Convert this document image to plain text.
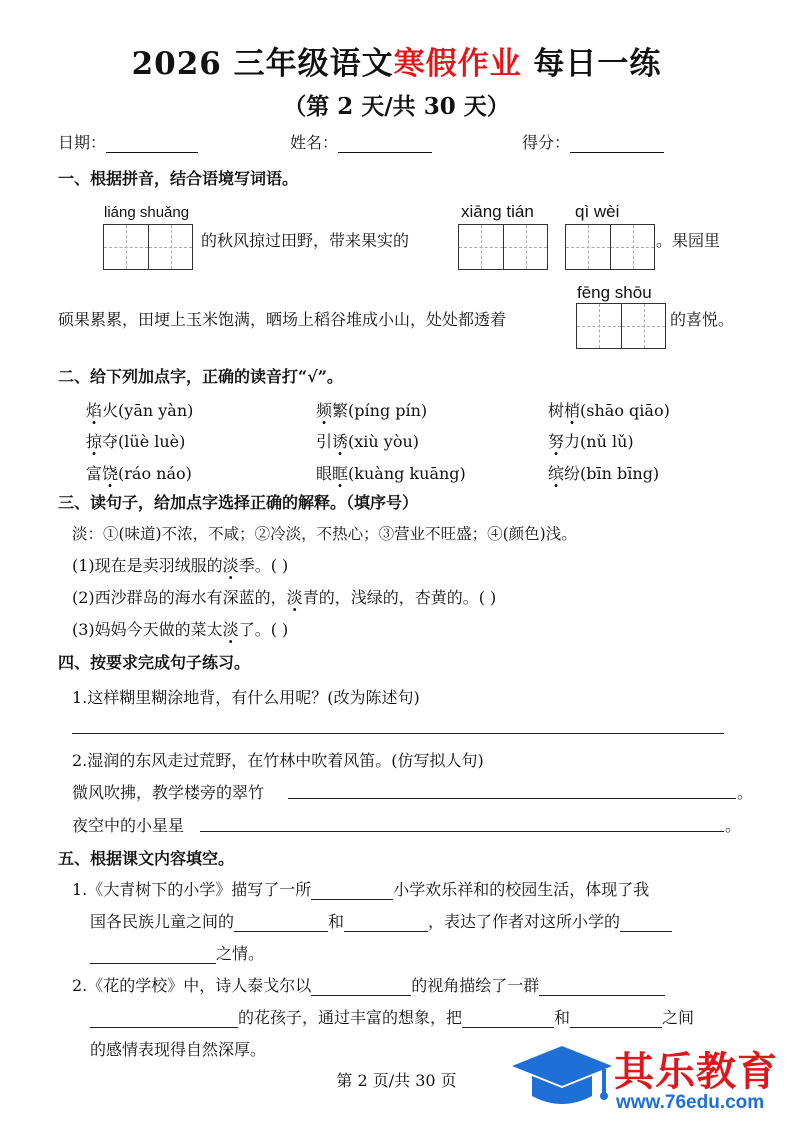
2026 三年级语文寒假作业 每日一练
（第 2 天/共 30 天）
日期：	姓名：	得分：
一、根据拼音，结合语境写词语。
liáng shuǎng
的秋风掠过田野，带来果实的
xiāng tián qì wèi
。果园里
硕果累累，田埂上玉米饱满，晒场上稻谷堆成小山，处处都透着
fēng shōu
的喜悦。
二、给下列加点字，正确的读音打“√”。
焰火(yān yàn)	频繁(píng pín)	树梢(shāo qiāo)
掠夺(lüè luè)	引诱(xiù yòu)	努力(nǔ lǔ)
富饶(ráo náo)	眼眶(kuàng kuāng)	缤纷(bīn bīng)
三、读句子，给加点字选择正确的解释。（填序号）
淡：①(味道)不浓，不咸；②冷淡，不热心；③营业不旺盛；④(颜色)浅。
(1)现在是卖羽绒服的淡季。( )
(2)西沙群岛的海水有深蓝的，淡青的，浅绿的，杏黄的。( )
(3)妈妈今天做的菜太淡了。( )
四、按要求完成句子练习。
1.这样糊里糊涂地背，有什么用呢？(改为陈述句)
2.湿润的东风走过荒野，在竹林中吹着风笛。(仿写拟人句)
微风吹拂，教学楼旁的翠竹	。
夜空中的小星星	。
五、根据课文内容填空。
1.《大青树下的小学》描写了一所	小学欢乐祥和的校园生活，体现了我
国各民族儿童之间的	和	，表达了作者对这所小学的
之情。
2.《花的学校》中，诗人泰戈尔以	的视角描绘了一群
的花孩子，通过丰富的想象，把	和	之间
的感情表现得自然深厚。
第 2 页/共 30 页	其乐教育
www.76edu.com
